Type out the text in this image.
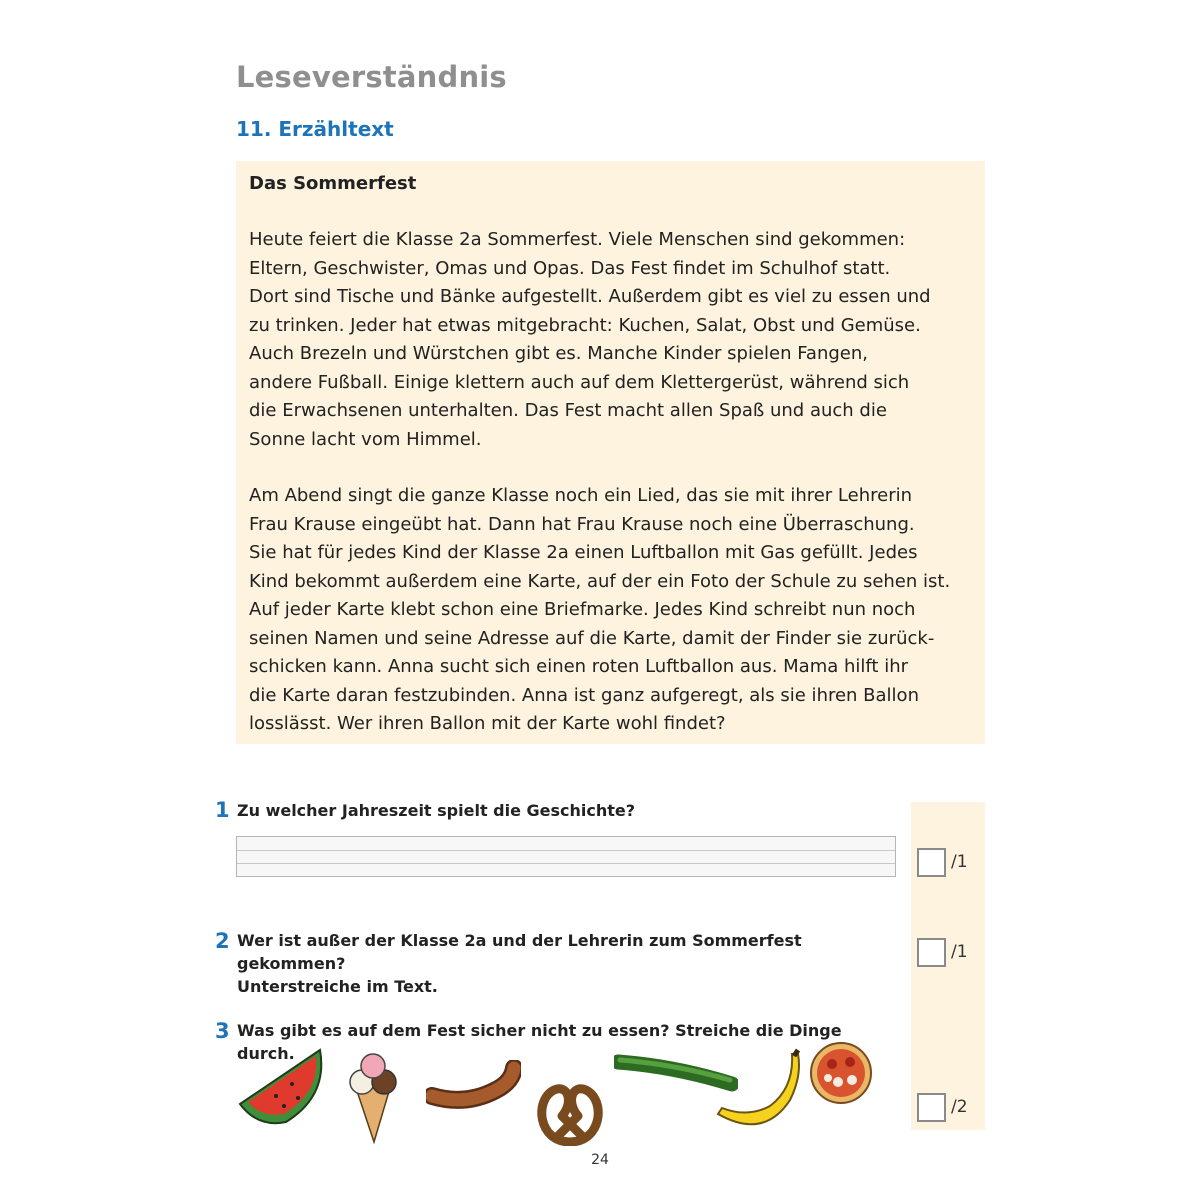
Leseverständnis
11. Erzähltext

Das Sommerfest

Heute feiert die Klasse 2a Sommerfest. Viele Menschen sind gekommen:
Eltern, Geschwister, Omas und Opas. Das Fest findet im Schulhof statt.
Dort sind Tische und Bänke aufgestellt. Außerdem gibt es viel zu essen und
zu trinken. Jeder hat etwas mitgebracht: Kuchen, Salat, Obst und Gemüse.
Auch Brezeln und Würstchen gibt es. Manche Kinder spielen Fangen,
andere Fußball. Einige klettern auch auf dem Klettergerüst, während sich
die Erwachsenen unterhalten. Das Fest macht allen Spaß und auch die
Sonne lacht vom Himmel.

Am Abend singt die ganze Klasse noch ein Lied, das sie mit ihrer Lehrerin
Frau Krause eingeübt hat. Dann hat Frau Krause noch eine Überraschung.
Sie hat für jedes Kind der Klasse 2a einen Luftballon mit Gas gefüllt. Jedes
Kind bekommt außerdem eine Karte, auf der ein Foto der Schule zu sehen ist.
Auf jeder Karte klebt schon eine Briefmarke. Jedes Kind schreibt nun noch
seinen Namen und seine Adresse auf die Karte, damit der Finder sie zurück-
schicken kann. Anna sucht sich einen roten Luftballon aus. Mama hilft ihr
die Karte daran festzubinden. Anna ist ganz aufgeregt, als sie ihren Ballon
losslässt. Wer ihren Ballon mit der Karte wohl findet?

1 Zu welcher Jahreszeit spielt die Geschichte?
/1
2 Wer ist außer der Klasse 2a und der Lehrerin zum Sommerfest gekommen?
Unterstreiche im Text.
/1
3 Was gibt es auf dem Fest sicher nicht zu essen? Streiche die Dinge durch.
/2
24
